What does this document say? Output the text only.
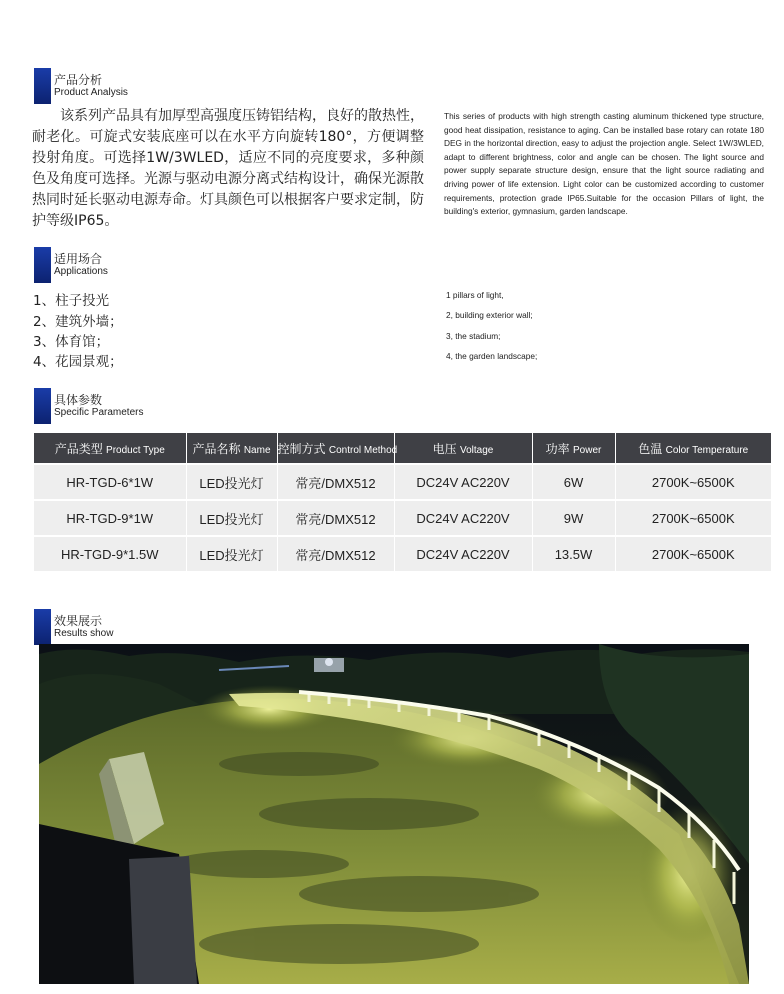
产品分析
Product Analysis

该系列产品具有加厚型高强度压铸铝结构，良好的散热性，耐老化。可旋式安装底座可以在水平方向旋转180°，方便调整投射角度。可选择1W/3WLED，适应不同的亮度要求，多种颜色及角度可选择。光源与驱动电源分离式结构设计，确保光源散热同时延长驱动电源寿命。灯具颜色可以根据客户要求定制，防护等级IP65。

This series of products with high strength casting aluminum thickened type structure, good heat dissipation, resistance to aging. Can be installed base rotary can rotate 180 DEG in the horizontal direction, easy to adjust the projection angle. Select 1W/3WLED, adapt to different brightness, color and angle can be chosen. The light source and power supply separate structure design, ensure that the light source radiating and driving power of life extension. Light color can be customized according to customer requirements, protection grade IP65.Suitable for the occasion Pillars of light, the building's exterior, gymnasium, garden landscape.

适用场合
Applications
1、柱子投光
2、建筑外墙；
3、体育馆；
4、花园景观；
1 pillars of light,
2, building exterior wall;
3, the stadium;
4, the garden landscape;
具体参数
Specific Parameters
产品类型 Product Type	产品名称 Name	控制方式 Control Method	电压 Voltage	功率 Power	色温 Color Temperature
HR-TGD-6*1W	LED投光灯	常亮/DMX512	DC24V AC220V	6W	2700K~6500K
HR-TGD-9*1W	LED投光灯	常亮/DMX512	DC24V AC220V	9W	2700K~6500K
HR-TGD-9*1.5W	LED投光灯	常亮/DMX512	DC24V AC220V	13.5W	2700K~6500K
效果展示
Results show
